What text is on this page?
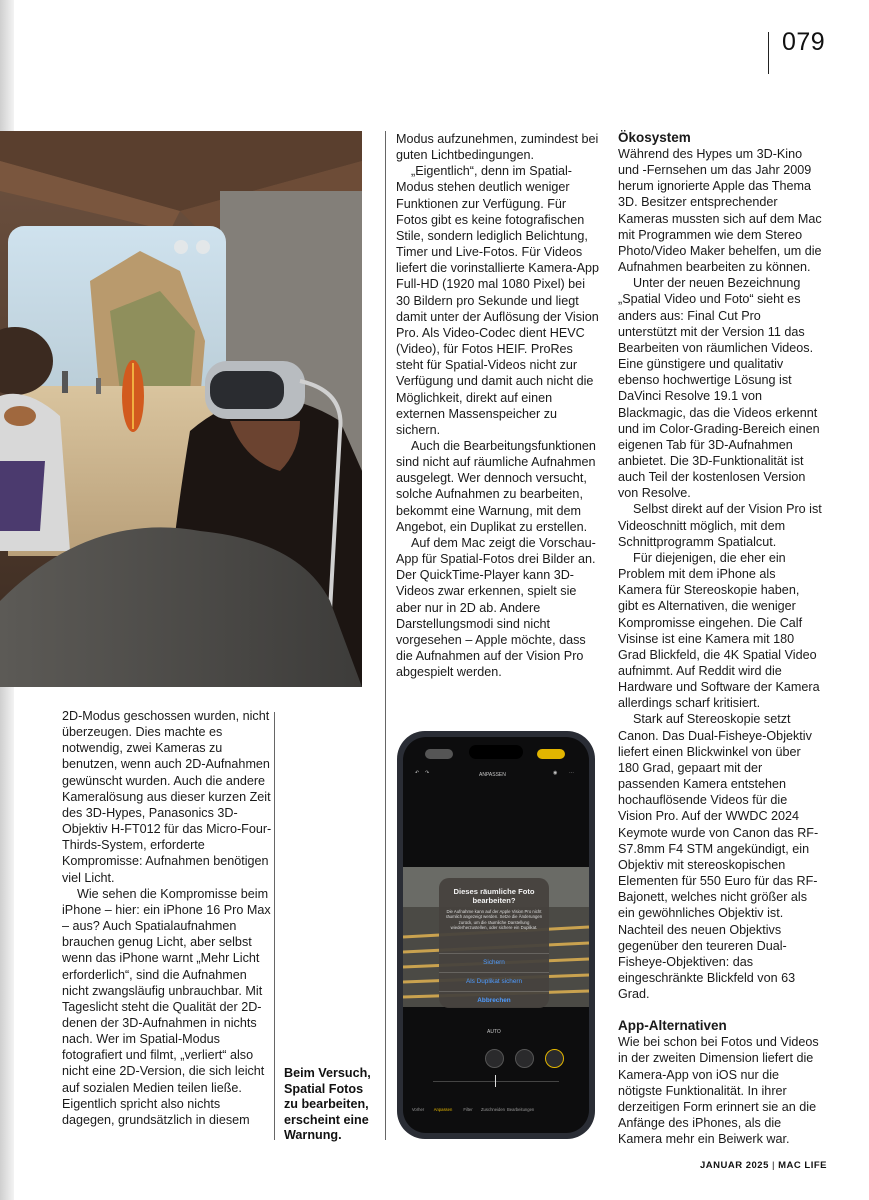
079

2D-Modus geschossen wurden, nicht überzeugen. Dies machte es notwendig, zwei Kameras zu benutzen, wenn auch 2D-Aufnahmen gewünscht wurden. Auch die andere Kameralösung aus dieser kurzen Zeit des 3D-Hypes, Panasonics 3D-Objektiv H-FT012 für das Micro-Four-Thirds-System, erforderte Kompromisse: Aufnahmen benötigen viel Licht.

Wie sehen die Kompromisse beim iPhone – hier: ein iPhone 16 Pro Max – aus? Auch Spatialaufnahmen brauchen genug Licht, aber selbst wenn das iPhone warnt „Mehr Licht erforderlich“, sind die Aufnahmen nicht zwangsläufig unbrauchbar. Mit Tageslicht steht die Qualität der 2D- denen der 3D-Aufnahmen in nichts nach. Wer im Spatial-Modus fotografiert und filmt, „verliert“ also nicht eine 2D-Version, die sich leicht auf sozialen Medien teilen ließe. Eigentlich spricht also nichts dagegen, grundsätzlich in diesem

Beim Versuch, Spatial Fotos zu bearbeiten, erscheint eine Warnung.

Modus aufzunehmen, zumindest bei guten Lichtbedingungen.

„Eigentlich“, denn im Spatial-Modus stehen deutlich weniger Funktionen zur Verfügung. Für Fotos gibt es keine fotografischen Stile, sondern lediglich Belichtung, Timer und Live-Fotos. Für Videos liefert die vorinstallierte Kamera-App Full-HD (1920 mal 1080 Pixel) bei 30 Bildern pro Sekunde und liegt damit unter der Auflösung der Vision Pro. Als Video-Codec dient HEVC (Video), für Fotos HEIF. ProRes steht für Spatial-Videos nicht zur Verfügung und damit auch nicht die Möglichkeit, direkt auf einen externen Massenspeicher zu sichern.

Auch die Bearbeitungsfunktionen sind nicht auf räumliche Aufnahmen ausgelegt. Wer dennoch versucht, solche Aufnahmen zu bearbeiten, bekommt eine Warnung, mit dem Angebot, ein Duplikat zu erstellen.

Auf dem Mac zeigt die Vorschau-App für Spatial-Fotos drei Bilder an. Der QuickTime-Player kann 3D-Videos zwar erkennen, spielt sie aber nur in 2D ab. Andere Darstellungsmodi sind nicht vorgesehen – Apple möchte, dass die Aufnahmen auf der Vision Pro abgespielt werden.

↶ ↷	ANPASSEN	◉ ⋯
Dieses räumliche Foto bearbeiten?
Die Aufnahme kann auf der Apple Vision Pro nicht räumlich angezeigt werden. Setze die Änderungen zurück, um die räumliche Darstellung wiederherzustellen, oder sichere ein Duplikat.
Sichern
Als Duplikat sichern
Abbrechen
AUTO
Vorher	Anpassen	Filter	Zuschneiden Bearbeitungen
Ökosystem

Während des Hypes um 3D-Kino und -Fernsehen um das Jahr 2009 herum ignorierte Apple das Thema 3D. Besitzer entsprechender Kameras mussten sich auf dem Mac mit Programmen wie dem Stereo Photo/Video Maker behelfen, um die Aufnahmen bearbeiten zu können.

Unter der neuen Bezeichnung „Spatial Video und Foto“ sieht es anders aus: Final Cut Pro unterstützt mit der Version 11 das Bearbeiten von räumlichen Videos. Eine günstigere und qualitativ ebenso hochwertige Lösung ist DaVinci Resolve 19.1 von Blackmagic, das die Videos erkennt und im Color-Grading-Bereich einen eigenen Tab für 3D-Aufnahmen anbietet. Die 3D-Funktionalität ist auch Teil der kostenlosen Version von Resolve.

Selbst direkt auf der Vision Pro ist Videoschnitt möglich, mit dem Schnittprogramm Spatialcut.

Für diejenigen, die eher ein Problem mit dem iPhone als Kamera für Stereoskopie haben, gibt es Alternativen, die weniger Kompromisse eingehen. Die Calf Visinse ist eine Kamera mit 180 Grad Blickfeld, die 4K Spatial Video aufnimmt. Auf Reddit wird die Hardware und Software der Kamera allerdings scharf kritisiert.

Stark auf Stereoskopie setzt Canon. Das Dual-Fisheye-Objektiv liefert einen Blickwinkel von über 180 Grad, gepaart mit der passenden Kamera entstehen hochauflösende Videos für die Vision Pro. Auf der WWDC 2024 Keymote wurde von Canon das RF-S7.8mm F4 STM angekündigt, ein Objektiv mit stereoskopischen Elementen für 550 Euro für das RF-Bajonett, welches nicht größer als ein gewöhnliches Objektiv ist. Nachteil des neuen Objektivs gegenüber den teureren Dual-Fisheye-Objektiven: das eingeschränkte Blickfeld von 63 Grad.

App-Alternativen

Wie bei schon bei Fotos und Videos in der zweiten Dimension liefert die Kamera-App von iOS nur die nötigste Funktionalität. In ihrer derzeitigen Form erinnert sie an die Anfänge des iPhones, als die Kamera mehr ein Beiwerk war.

JANUAR 2025 | MAC LIFE
